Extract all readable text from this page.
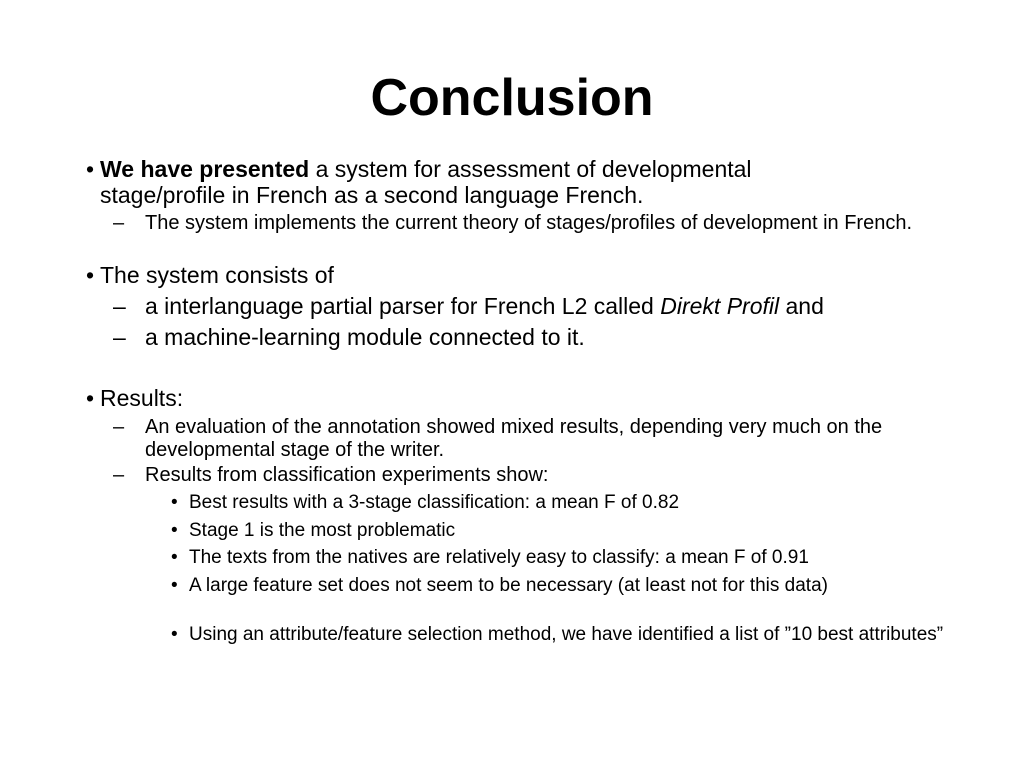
Conclusion
• We have presented a system for assessment of developmental stage/profile in French as a second language French.
– The system implements the current theory of stages/profiles of development in French.
• The system consists of
– a interlanguage partial parser for French L2 called Direkt Profil and
– a machine-learning module connected to it.
• Results:
– An evaluation of the annotation showed mixed results, depending very much on the developmental stage of the writer.
– Results from classification experiments show:
• Best results with a 3-stage classification: a mean F of 0.82
• Stage 1 is the most problematic
• The texts from the natives are relatively easy to classify: a mean F of 0.91
• A large feature set does not seem to be necessary (at least not for this data)
• Using an attribute/feature selection method, we have identified a list of ”10 best attributes”
